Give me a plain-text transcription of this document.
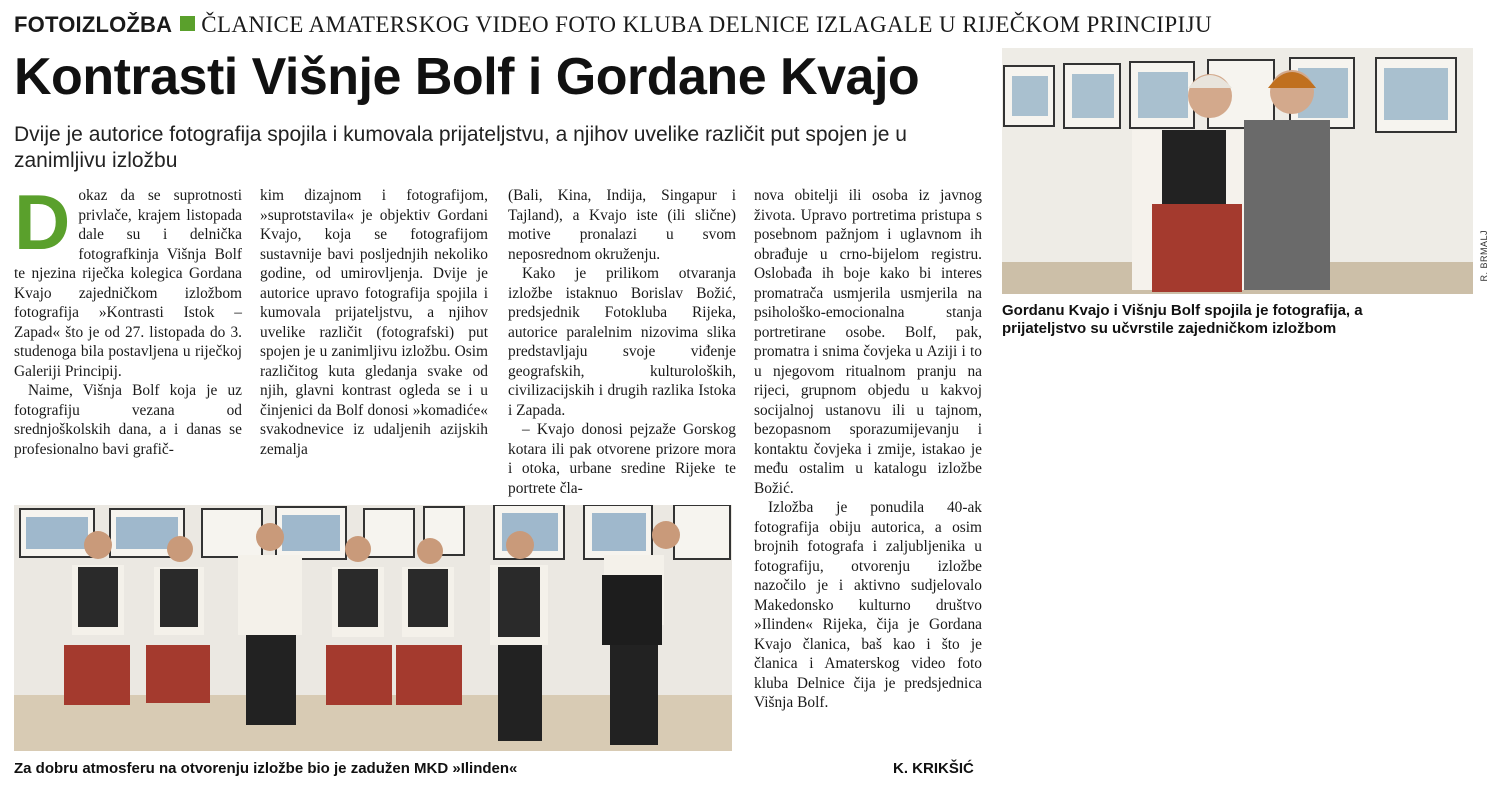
FOTOIZLOŽBA ČLANICE AMATERSKOG VIDEO FOTO KLUBA DELNICE IZLAGALE U RIJEČKOM PRINCIPIJU
Kontrasti Višnje Bolf i Gordane Kvajo
Dvije je autorice fotografija spojila i kumovala prijateljstvu, a njihov uvelike različit put spojen je u zanimljivu izložbu

Dokaz da se suprotnosti privlače, krajem listopada dale su i delnička fotografkinja Višnja Bolf te njezina riječka kolegica Gordana Kvajo zajedničkom izložbom fotografija »Kontrasti Istok – Zapad« što je od 27. listopada do 3. studenoga bila postavljena u riječkoj Galeriji Principij.

Naime, Višnja Bolf koja je uz fotografiju vezana od srednjoškolskih dana, a i danas se profesionalno bavi grafič-

kim dizajnom i fotografijom, »suprotstavila« je objektiv Gordani Kvajo, koja se fotografijom sustavnije bavi posljednjih nekoliko godine, od umirovljenja. Dvije je autorice upravo fotografija spojila i kumovala prijateljstvu, a njihov uvelike različit (fotografski) put spojen je u zanimljivu izložbu. Osim različitog kuta gledanja svake od njih, glavni kontrast ogleda se i u činjenici da Bolf donosi »komadiće« svakodnevice iz udaljenih azijskih zemalja

(Bali, Kina, Indija, Singapur i Tajland), a Kvajo iste (ili slične) motive pronalazi u svom neposrednom okruženju.

Kako je prilikom otvaranja izložbe istaknuo Borislav Božić, predsjednik Fotokluba Rijeka, autorice paralelnim nizovima slika predstavljaju svoje viđenje geografskih, kulturoloških, civilizacijskih i drugih razlika Istoka i Zapada.

– Kvajo donosi pejzaže Gorskog kotara ili pak otvorene prizore mora i otoka, urbane sredine Rijeke te portrete čla-

nova obitelji ili osoba iz javnog života. Upravo portretima pristupa s posebnom pažnjom i uglavnom ih obrađuje u crno-bijelom registru. Oslobađa ih boje kako bi interes promatrača usmjerila usmjerila na psihološko-emocionalna stanja portretirane osobe. Bolf, pak, promatra i snima čovjeka u Aziji i to u njegovom ritualnom pranju na rijeci, grupnom objedu u kakvoj socijalnoj ustanovu ili u tajnom, bezopasnom sporazumijevanju i kontaktu čovjeka i zmije, istakao je među ostalim u katalogu izložbe Božić.

Izložba je ponudila 40-ak fotografija obiju autorica, a osim brojnih fotografa i zaljubljenika u fotografiju, otvorenju izložbe nazočilo je i aktivno sudjelovalo Makedonsko kulturno društvo »Ilinden« Rijeka, čija je Gordana Kvajo članica, baš kao i što je članica i Amaterskog video foto kluba Delnice čija je predsjednica Višnja Bolf.

Za dobru atmosferu na otvorenju izložbe bio je zadužen MKD »Ilinden«	K. KRIKŠIĆ
R. BRMALJ
Gordanu Kvajo i Višnju Bolf spojila je fotografija, a prijateljstvo su učvrstile zajedničkom izložbom
